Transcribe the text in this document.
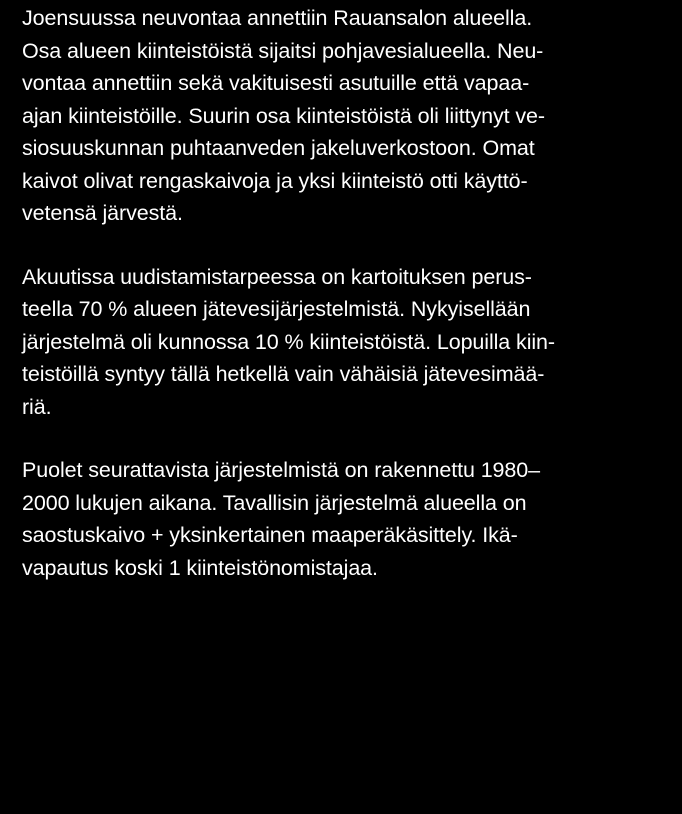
Joensuussa neuvontaa annettiin Rauansalon alueella.
Osa alueen kiinteistöistä sijaitsi pohjavesialueella. Neu-
vontaa annettiin sekä vakituisesti asutuille että vapaa-
ajan kiinteistöille. Suurin osa kiinteistöistä oli liittynyt ve-
siosuuskunnan puhtaanveden jakeluverkostoon. Omat
kaivot olivat rengaskaivoja ja yksi kiinteistö otti käyttö-
vetensä järvestä.

Akuutissa uudistamistarpeessa on kartoituksen perus-
teella 70 % alueen jätevesijärjestelmistä. Nykyisellään
järjestelmä oli kunnossa 10 % kiinteistöistä. Lopuilla kiin-
teistöillä syntyy tällä hetkellä vain vähäisiä jätevesimää-
riä.

Puolet seurattavista järjestelmistä on rakennettu 1980–
2000 lukujen aikana. Tavallisin järjestelmä alueella on
saostuskaivo + yksinkertainen maaperäkäsittely. Ikä-
vapautus koski 1 kiinteistönomistajaa.
